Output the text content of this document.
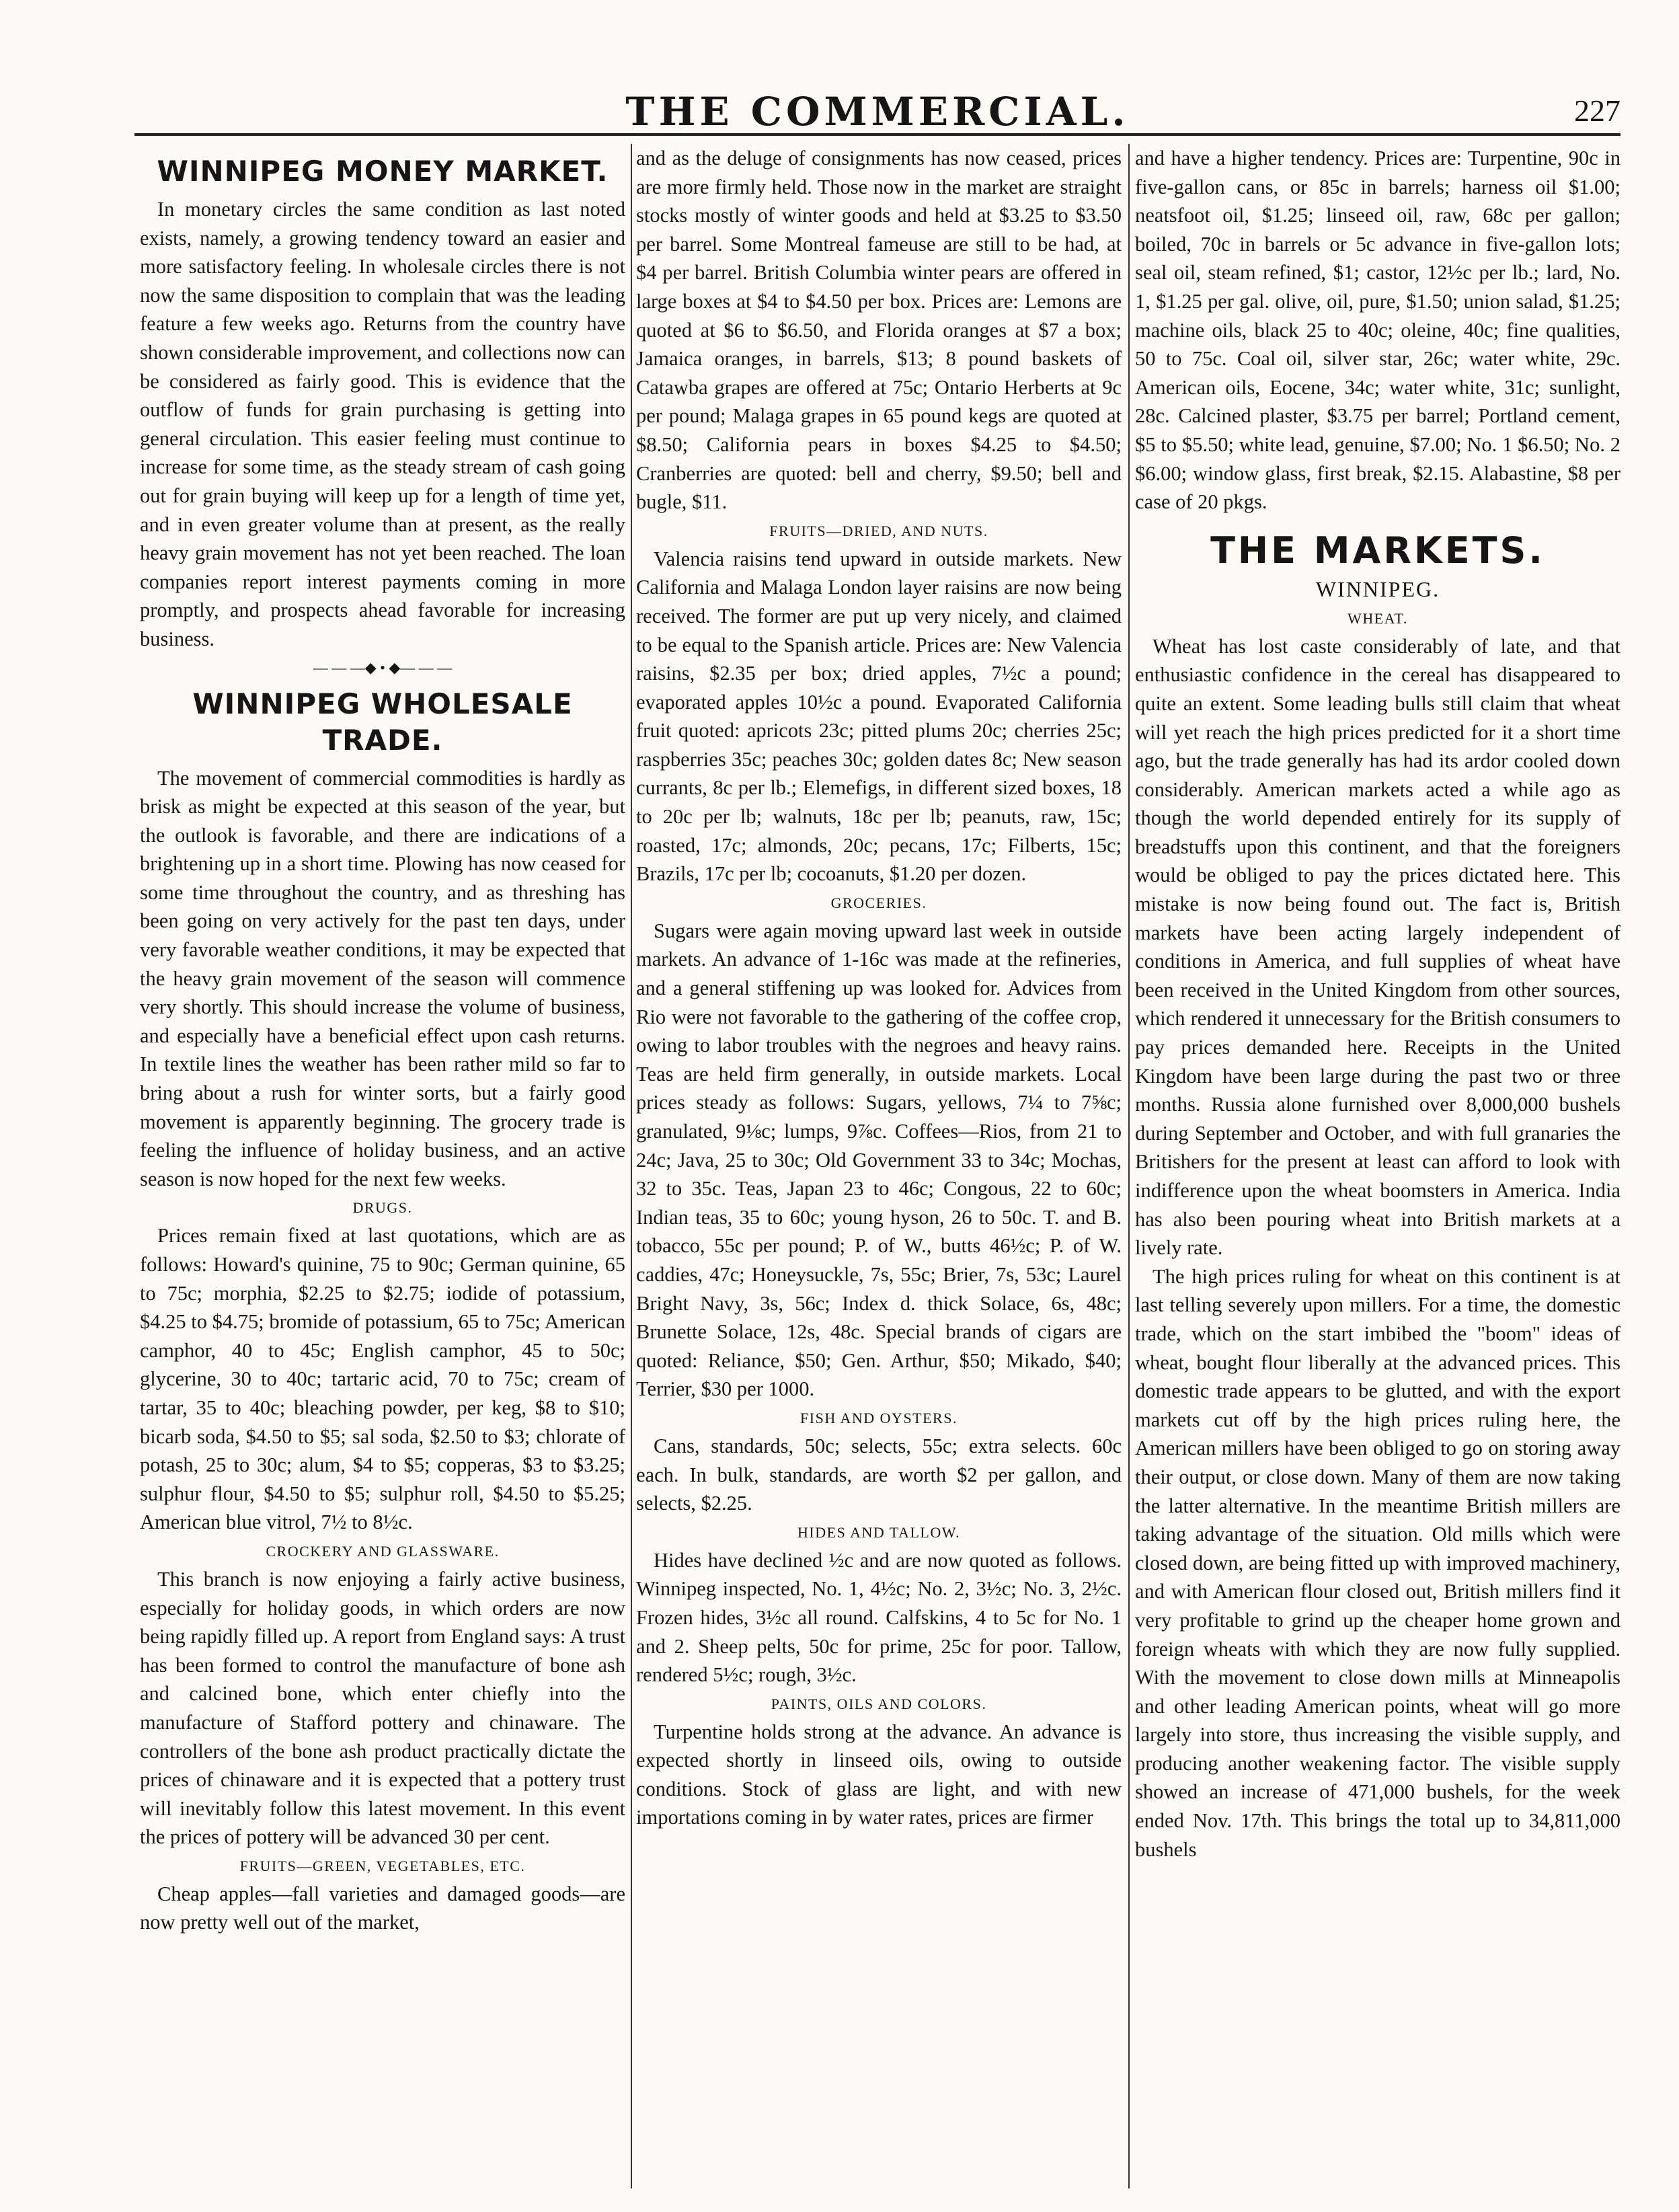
THE COMMERCIAL.	227
WINNIPEG MONEY MARKET.

In monetary circles the same condition as last noted exists, namely, a growing tendency toward an easier and more satisfactory feeling. In wholesale circles there is not now the same disposition to complain that was the leading feature a few weeks ago. Returns from the country have shown considerable improvement, and collections now can be considered as fairly good. This is evidence that the outflow of funds for grain purchasing is getting into general circulation. This easier feeling must continue to increase for some time, as the steady stream of cash going out for grain buying will keep up for a length of time yet, and in even greater volume than at present, as the really heavy grain movement has not yet been reached. The loan companies report interest payments coming in more promptly, and prospects ahead favorable for increasing business.

— — —◆ • ◆— — —
WINNIPEG WHOLESALE TRADE.

The movement of commercial commodities is hardly as brisk as might be expected at this season of the year, but the outlook is favorable, and there are indications of a brightening up in a short time. Plowing has now ceased for some time throughout the country, and as threshing has been going on very actively for the past ten days, under very favorable weather conditions, it may be expected that the heavy grain movement of the season will commence very shortly. This should increase the volume of business, and especially have a beneficial effect upon cash returns. In textile lines the weather has been rather mild so far to bring about a rush for winter sorts, but a fairly good movement is apparently beginning. The grocery trade is feeling the influence of holiday business, and an active season is now hoped for the next few weeks.

DRUGS.

Prices remain fixed at last quotations, which are as follows: Howard's quinine, 75 to 90c; German quinine, 65 to 75c; morphia, $2.25 to $2.75; iodide of potassium, $4.25 to $4.75; bromide of potassium, 65 to 75c; American camphor, 40 to 45c; English camphor, 45 to 50c; glycerine, 30 to 40c; tartaric acid, 70 to 75c; cream of tartar, 35 to 40c; bleaching powder, per keg, $8 to $10; bicarb soda, $4.50 to $5; sal soda, $2.50 to $3; chlorate of potash, 25 to 30c; alum, $4 to $5; copperas, $3 to $3.25; sulphur flour, $4.50 to $5; sulphur roll, $4.50 to $5.25; American blue vitrol, 7½ to 8½c.

CROCKERY AND GLASSWARE.

This branch is now enjoying a fairly active business, especially for holiday goods, in which orders are now being rapidly filled up. A report from England says: A trust has been formed to control the manufacture of bone ash and calcined bone, which enter chiefly into the manufacture of Stafford pottery and chinaware. The controllers of the bone ash product practically dictate the prices of chinaware and it is expected that a pottery trust will inevitably follow this latest movement. In this event the prices of pottery will be advanced 30 per cent.

FRUITS—GREEN, VEGETABLES, ETC.

Cheap apples—fall varieties and damaged goods—are now pretty well out of the market,

and as the deluge of consignments has now ceased, prices are more firmly held. Those now in the market are straight stocks mostly of winter goods and held at $3.25 to $3.50 per barrel. Some Montreal fameuse are still to be had, at $4 per barrel. British Columbia winter pears are offered in large boxes at $4 to $4.50 per box. Prices are: Lemons are quoted at $6 to $6.50, and Florida oranges at $7 a box; Jamaica oranges, in barrels, $13; 8 pound baskets of Catawba grapes are offered at 75c; Ontario Herberts at 9c per pound; Malaga grapes in 65 pound kegs are quoted at $8.50; California pears in boxes $4.25 to $4.50; Cranberries are quoted: bell and cherry, $9.50; bell and bugle, $11.

FRUITS—DRIED, AND NUTS.

Valencia raisins tend upward in outside markets. New California and Malaga London layer raisins are now being received. The former are put up very nicely, and claimed to be equal to the Spanish article. Prices are: New Valencia raisins, $2.35 per box; dried apples, 7½c a pound; evaporated apples 10½c a pound. Evaporated California fruit quoted: apricots 23c; pitted plums 20c; cherries 25c; raspberries 35c; peaches 30c; golden dates 8c; New season currants, 8c per lb.; Elemefigs, in different sized boxes, 18 to 20c per lb; walnuts, 18c per lb; peanuts, raw, 15c; roasted, 17c; almonds, 20c; pecans, 17c; Filberts, 15c; Brazils, 17c per lb; cocoanuts, $1.20 per dozen.

GROCERIES.

Sugars were again moving upward last week in outside markets. An advance of 1-16c was made at the refineries, and a general stiffening up was looked for. Advices from Rio were not favorable to the gathering of the coffee crop, owing to labor troubles with the negroes and heavy rains. Teas are held firm generally, in outside markets. Local prices steady as follows: Sugars, yellows, 7¼ to 7⅝c; granulated, 9⅛c; lumps, 9⅞c. Coffees—Rios, from 21 to 24c; Java, 25 to 30c; Old Government 33 to 34c; Mochas, 32 to 35c. Teas, Japan 23 to 46c; Congous, 22 to 60c; Indian teas, 35 to 60c; young hyson, 26 to 50c. T. and B. tobacco, 55c per pound; P. of W., butts 46½c; P. of W. caddies, 47c; Honeysuckle, 7s, 55c; Brier, 7s, 53c; Laurel Bright Navy, 3s, 56c; Index d. thick Solace, 6s, 48c; Brunette Solace, 12s, 48c. Special brands of cigars are quoted: Reliance, $50; Gen. Arthur, $50; Mikado, $40; Terrier, $30 per 1000.

FISH AND OYSTERS.

Cans, standards, 50c; selects, 55c; extra selects. 60c each. In bulk, standards, are worth $2 per gallon, and selects, $2.25.

HIDES AND TALLOW.

Hides have declined ½c and are now quoted as follows. Winnipeg inspected, No. 1, 4½c; No. 2, 3½c; No. 3, 2½c. Frozen hides, 3½c all round. Calfskins, 4 to 5c for No. 1 and 2. Sheep pelts, 50c for prime, 25c for poor. Tallow, rendered 5½c; rough, 3½c.

PAINTS, OILS AND COLORS.

Turpentine holds strong at the advance. An advance is expected shortly in linseed oils, owing to outside conditions. Stock of glass are light, and with new importations coming in by water rates, prices are firmer

and have a higher tendency. Prices are: Turpentine, 90c in five-gallon cans, or 85c in barrels; harness oil $1.00; neatsfoot oil, $1.25; linseed oil, raw, 68c per gallon; boiled, 70c in barrels or 5c advance in five-gallon lots; seal oil, steam refined, $1; castor, 12½c per lb.; lard, No. 1, $1.25 per gal. olive, oil, pure, $1.50; union salad, $1.25; machine oils, black 25 to 40c; oleine, 40c; fine qualities, 50 to 75c. Coal oil, silver star, 26c; water white, 29c. American oils, Eocene, 34c; water white, 31c; sunlight, 28c. Calcined plaster, $3.75 per barrel; Portland cement, $5 to $5.50; white lead, genuine, $7.00; No. 1 $6.50; No. 2 $6.00; window glass, first break, $2.15. Alabastine, $8 per case of 20 pkgs.

THE MARKETS.
WINNIPEG.
WHEAT.

Wheat has lost caste considerably of late, and that enthusiastic confidence in the cereal has disappeared to quite an extent. Some leading bulls still claim that wheat will yet reach the high prices predicted for it a short time ago, but the trade generally has had its ardor cooled down considerably. American markets acted a while ago as though the world depended entirely for its supply of breadstuffs upon this continent, and that the foreigners would be obliged to pay the prices dictated here. This mistake is now being found out. The fact is, British markets have been acting largely independent of conditions in America, and full supplies of wheat have been received in the United Kingdom from other sources, which rendered it unnecessary for the British consumers to pay prices demanded here. Receipts in the United Kingdom have been large during the past two or three months. Russia alone furnished over 8,000,000 bushels during September and October, and with full granaries the Britishers for the present at least can afford to look with indifference upon the wheat boomsters in America. India has also been pouring wheat into British markets at a lively rate.

The high prices ruling for wheat on this continent is at last telling severely upon millers. For a time, the domestic trade, which on the start imbibed the "boom" ideas of wheat, bought flour liberally at the advanced prices. This domestic trade appears to be glutted, and with the export markets cut off by the high prices ruling here, the American millers have been obliged to go on storing away their output, or close down. Many of them are now taking the latter alternative. In the meantime British millers are taking advantage of the situation. Old mills which were closed down, are being fitted up with improved machinery, and with American flour closed out, British millers find it very profitable to grind up the cheaper home grown and foreign wheats with which they are now fully supplied. With the movement to close down mills at Minneapolis and other leading American points, wheat will go more largely into store, thus increasing the visible supply, and producing another weakening factor. The visible supply showed an increase of 471,000 bushels, for the week ended Nov. 17th. This brings the total up to 34,811,000 bushels
